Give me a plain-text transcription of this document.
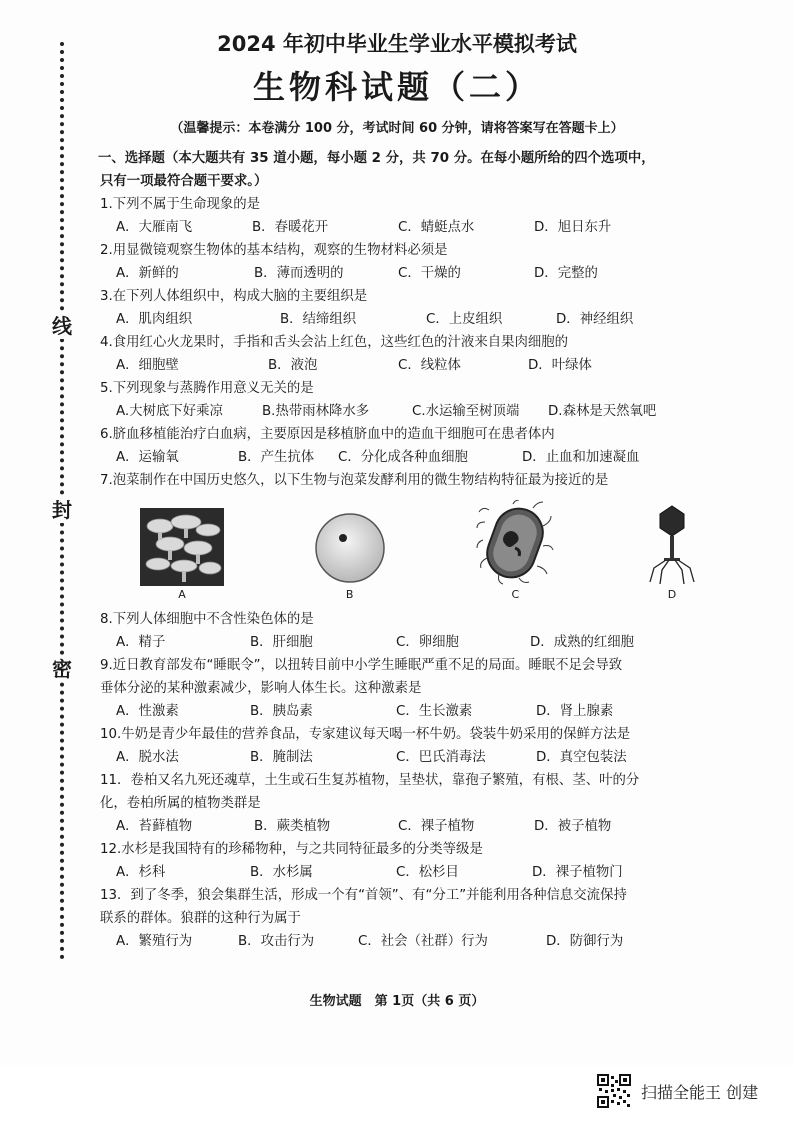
线
封
密
2024 年初中毕业生学业水平模拟考试
生物科试题（二）
（温馨提示：本卷满分 100 分，考试时间 60 分钟，请将答案写在答题卡上）
一、选择题（本大题共有 35 道小题，每小题 2 分，共 70 分。在每小题所给的四个选项中，
只有一项最符合题干要求。）
1.下列不属于生命现象的是
A．大雁南飞	B．春暖花开	C．蜻蜓点水	D．旭日东升
2.用显微镜观察生物体的基本结构，观察的生物材料必须是
A．新鲜的	B．薄而透明的	C．干燥的	D．完整的
3.在下列人体组织中，构成大脑的主要组织是
A．肌肉组织	B．结缔组织	C．上皮组织	D．神经组织
4.食用红心火龙果时，手指和舌头会沾上红色，这些红色的汁液来自果肉细胞的
A．细胞壁	B．液泡	C．线粒体	D．叶绿体
5.下列现象与蒸腾作用意义无关的是
A.大树底下好乘凉	B.热带雨林降水多	C.水运输至树顶端	D.森林是天然氧吧
6.脐血移植能治疗白血病，主要原因是移植脐血中的造血干细胞可在患者体内
A．运输氧	B．产生抗体	C．分化成各种血细胞	D．止血和加速凝血
7.泡菜制作在中国历史悠久，以下生物与泡菜发酵利用的微生物结构特征最为接近的是
A	B	C	D
8.下列人体细胞中不含性染色体的是
A．精子	B．肝细胞	C．卵细胞	D．成熟的红细胞
9.近日教育部发布“睡眠令”，以扭转目前中小学生睡眠严重不足的局面。睡眠不足会导致
垂体分泌的某种激素减少，影响人体生长。这种激素是
A．性激素	B．胰岛素	C．生长激素	D．肾上腺素
10.牛奶是青少年最佳的营养食品，专家建议每天喝一杯牛奶。袋装牛奶采用的保鲜方法是
A．脱水法	B．腌制法	C．巴氏消毒法	D．真空包装法
11．卷柏又名九死还魂草，土生或石生复苏植物，呈垫状，靠孢子繁殖，有根、茎、叶的分
化，卷柏所属的植物类群是
A．苔藓植物	B．蕨类植物	C．裸子植物	D．被子植物
12.水杉是我国特有的珍稀物种，与之共同特征最多的分类等级是
A．杉科	B．水杉属	C．松杉目	D．裸子植物门
13．到了冬季，狼会集群生活，形成一个有“首领”、有“分工”并能利用各种信息交流保持
联系的群体。狼群的这种行为属于
A．繁殖行为	B．攻击行为	C．社会（社群）行为	D．防御行为
生物试题　第 1页（共 6 页）
扫描全能王 创建
